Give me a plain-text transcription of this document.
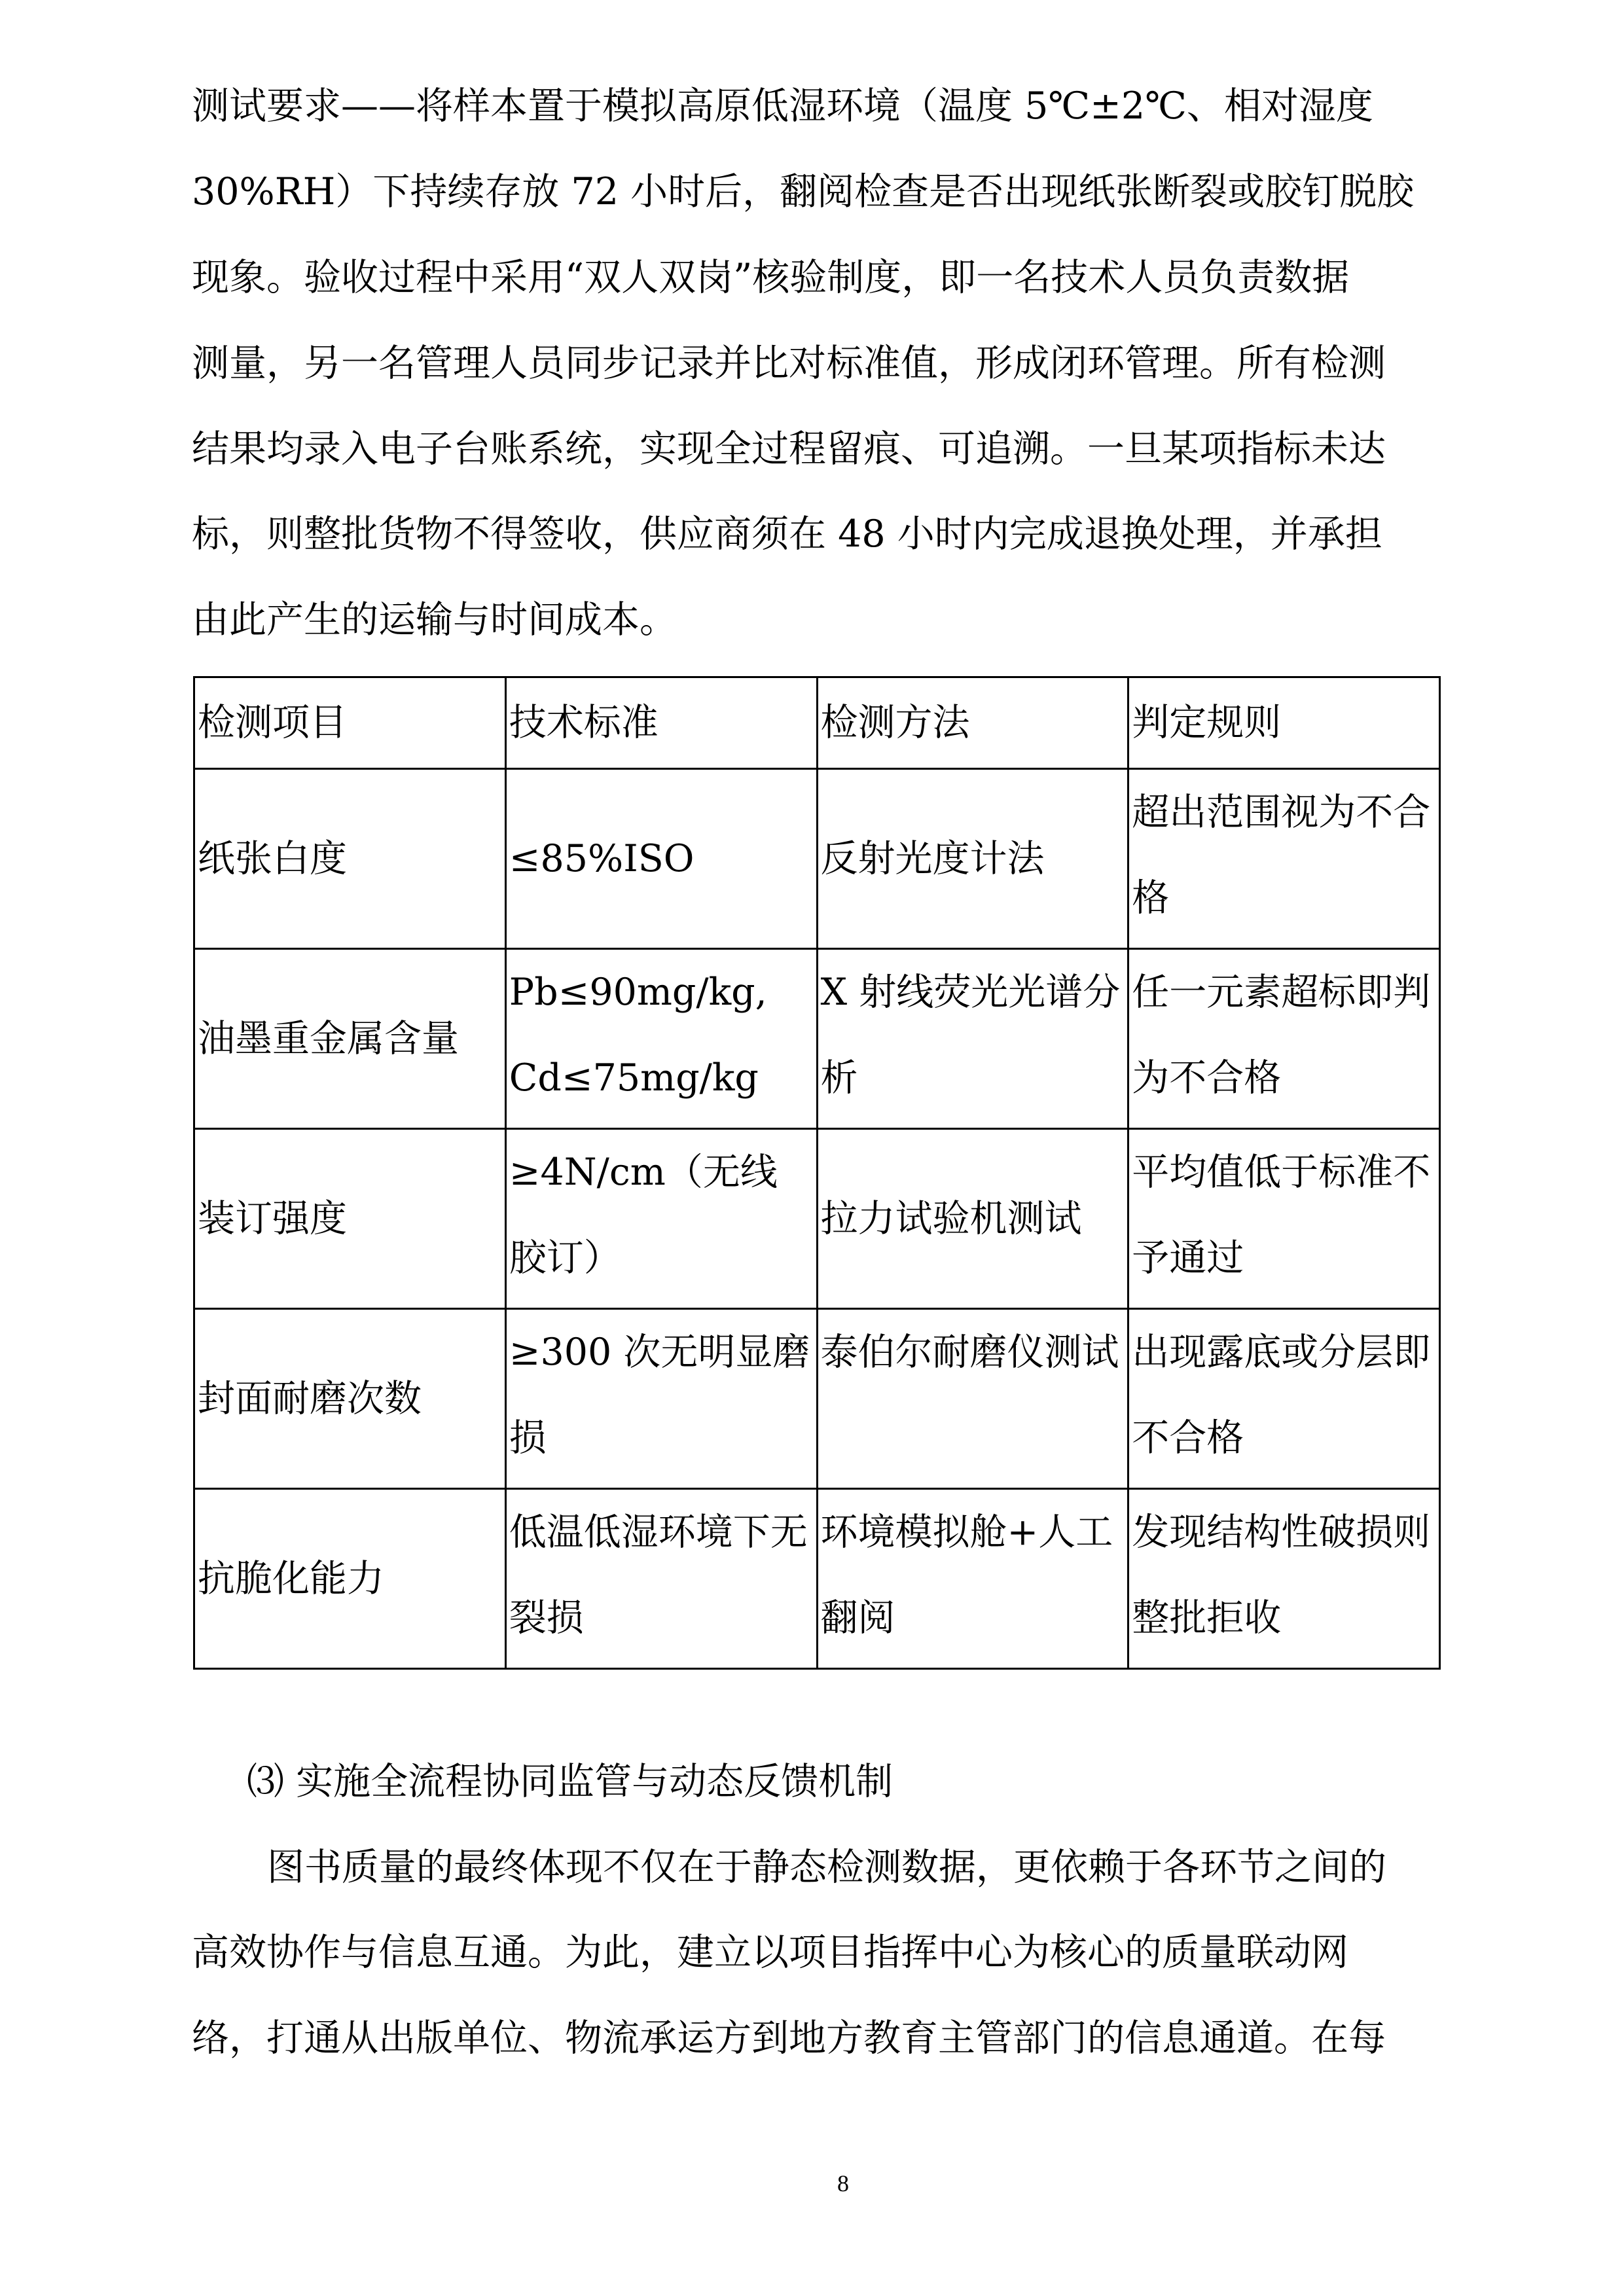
测试要求——将样本置于模拟高原低湿环境（温度 5℃±2℃、相对湿度
30%RH）下持续存放 72 小时后，翻阅检查是否出现纸张断裂或胶钉脱胶
现象。验收过程中采用“双人双岗”核验制度，即一名技术人员负责数据
测量，另一名管理人员同步记录并比对标准值，形成闭环管理。所有检测
结果均录入电子台账系统，实现全过程留痕、可追溯。一旦某项指标未达
标，则整批货物不得签收，供应商须在 48 小时内完成退换处理，并承担
由此产生的运输与时间成本。
检测项目	技术标准	检测方法	判定规则
纸张白度	≤85%ISO	反射光度计法	超出范围视为不合格
油墨重金属含量	Pb≤90mg/kg, Cd≤75mg/kg	X 射线荧光光谱分析	任一元素超标即判为不合格
装订强度	≥4N/cm（无线胶订）	拉力试验机测试	平均值低于标准不予通过
封面耐磨次数	≥300 次无明显磨损	泰伯尔耐磨仪测试	出现露底或分层即不合格
抗脆化能力	低温低湿环境下无裂损	环境模拟舱+人工翻阅	发现结构性破损则整批拒收
⑶ 实施全流程协同监管与动态反馈机制
图书质量的最终体现不仅在于静态检测数据，更依赖于各环节之间的
高效协作与信息互通。为此，建立以项目指挥中心为核心的质量联动网
络，打通从出版单位、物流承运方到地方教育主管部门的信息通道。在每
8
